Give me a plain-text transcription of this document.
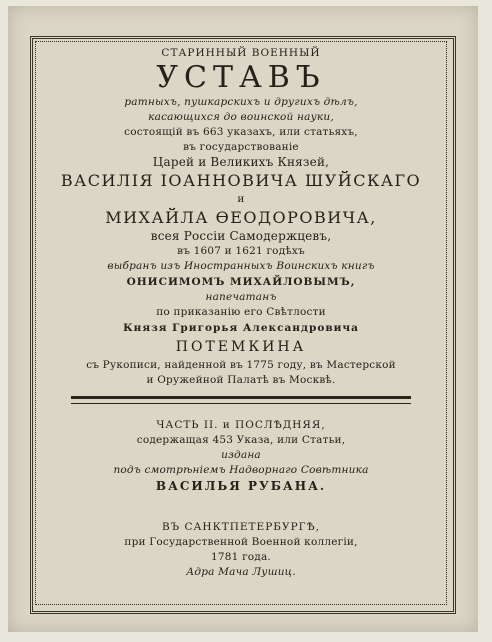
СТАРИННЫЙ ВОЕННЫЙ
УСТАВЪ
ратныхъ, пушкарскихъ и другихъ дѣлъ,
касающихся до воинской науки,
состоящій въ 663 указахъ, или статьяхъ,
въ государствованіе
Царей и Великихъ Князей,
ВАСИЛІЯ ІОАННОВИЧА ШУЙСКАГО
и
МИХАЙЛА ѲЕОДОРОВИЧА,
всея Россіи Самодержцевъ,
въ 1607 и 1621 годѣхъ
выбранъ изъ Иностранныхъ Воинскихъ книгъ
ОНИСИМОМЪ МИХАЙЛОВЫМЪ,
напечатанъ
по приказанію его Свѣтлости
Князя Григорья Александровича
ПОТЕМКИНА
съ Рукописи, найденной въ 1775 году, въ Мастерской
и Оружейной Палатѣ въ Москвѣ.
ЧАСТЬ II. и ПОСЛѢДНЯЯ,
содержащая 453 Указа, или Статьи,
издана
подъ смотрѣніемъ Надворнаго Совѣтника
ВАСИЛЬЯ РУБАНА.
ВЪ САНКТПЕТЕРБУРГѢ,
при Государственной Военной коллегіи,
1781 года.
Адра Мача Лушиц.
